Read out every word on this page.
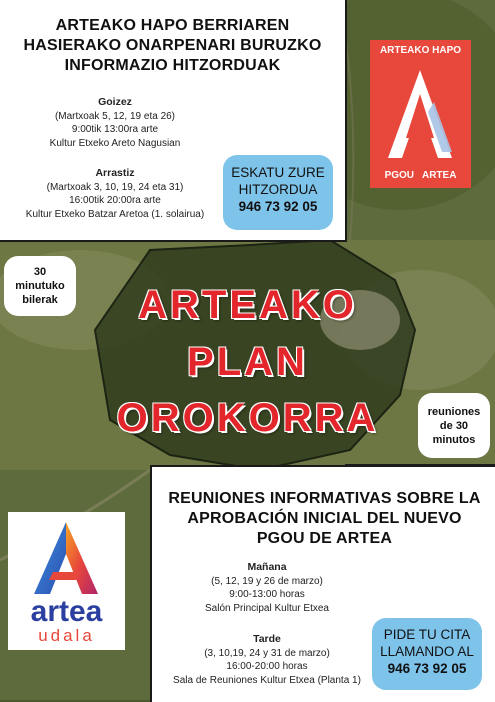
ARTEAKO HAPO BERRIAREN
HASIERAKO ONARPENARI BURUZKO
INFORMAZIO HITZORDUAK
Goizez
(Martxoak 5, 12, 19 eta 26)
9:00tik 13:00ra arte
Kultur Etxeko Areto Nagusian
Arrastiz
(Martxoak 3, 10, 19, 24 eta 31)
16:00tik 20:00ra arte
Kultur Etxeko Batzar Aretoa (1. solairua)
ESKATU ZURE
HITZORDUA
946 73 92 05
ARTEAKO HAPO
PGOU   ARTEA
30
minutuko
bilerak	ARTEAKO
PLAN
OROKORRA	reuniones
de 30
minutos
REUNIONES INFORMATIVAS SOBRE LA
APROBACIÓN INICIAL DEL NUEVO
PGOU DE ARTEA
Mañana
(5, 12, 19 y 26 de marzo)
9:00-13:00 horas
Salón Principal Kultur Etxea
Tarde
(3, 10,19, 24 y 31 de marzo)
16:00-20:00 horas
Sala de Reuniones Kultur Etxea (Planta 1)
PIDE TU CITA
LLAMANDO AL
946 73 92 05
artea
udala
